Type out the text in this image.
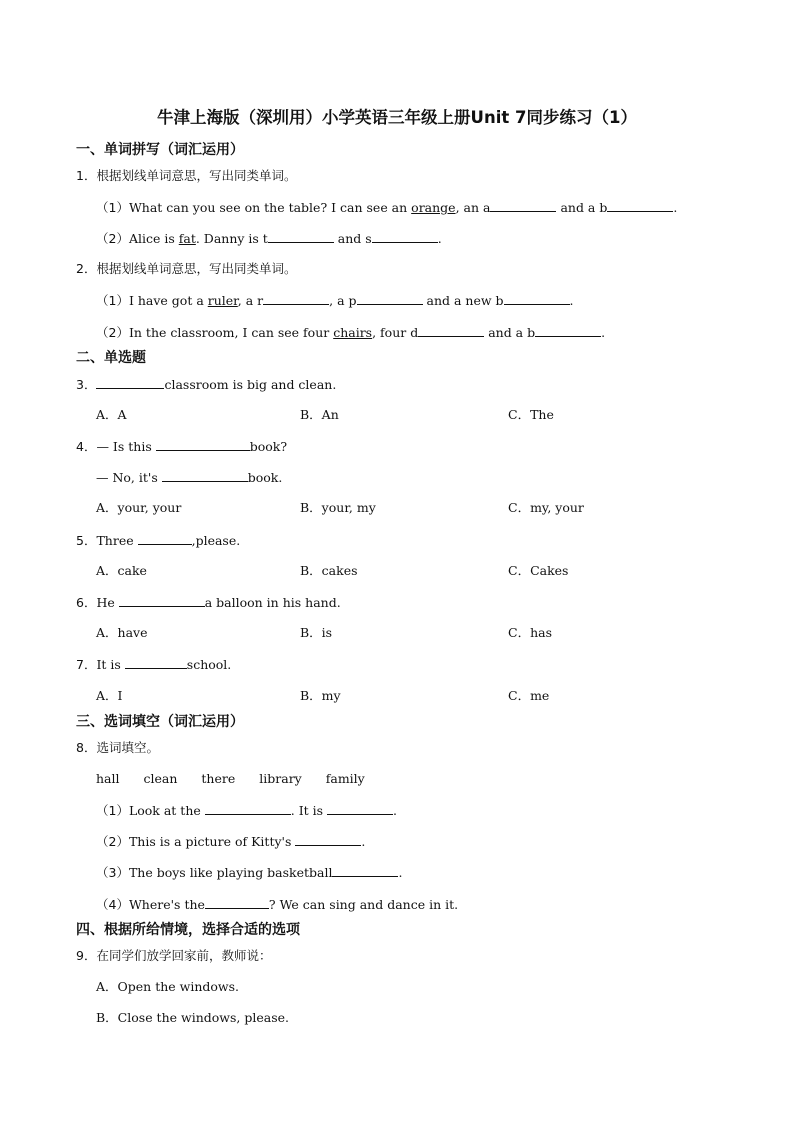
牛津上海版（深圳用）小学英语三年级上册Unit 7同步练习（1）
一、单词拼写（词汇运用）
1．根据划线单词意思，写出同类单词。
（1）What can you see on the table? I can see an orange, an a	and a b	.
（2）Alice is fat. Danny is t	and s	.
2．根据划线单词意思，写出同类单词。
（1）I have got a ruler, a r	, a p	and a new b	.
（2）In the classroom, I can see four chairs, four d	and a b	.
二、单选题
3．	classroom is big and clean.
A．A	B．An	C．The
4．— Is this	book?
— No, it's	book.
A．your, your	B．your, my	C．my, your
5．Three	,please.
A．cake	B．cakes	C．Cakes
6．He	a balloon in his hand.
A．have	B．is	C．has
7．It is	school.
A．I	B．my	C．me
三、选词填空（词汇运用）
8．选词填空。
hall clean there library family
（1）Look at the	. It is	.
（2）This is a picture of Kitty's	.
（3）The boys like playing basketball	.
（4）Where's the	? We can sing and dance in it.
四、根据所给情境，选择合适的选项
9．在同学们放学回家前，教师说：
A．Open the windows.
B．Close the windows, please.
